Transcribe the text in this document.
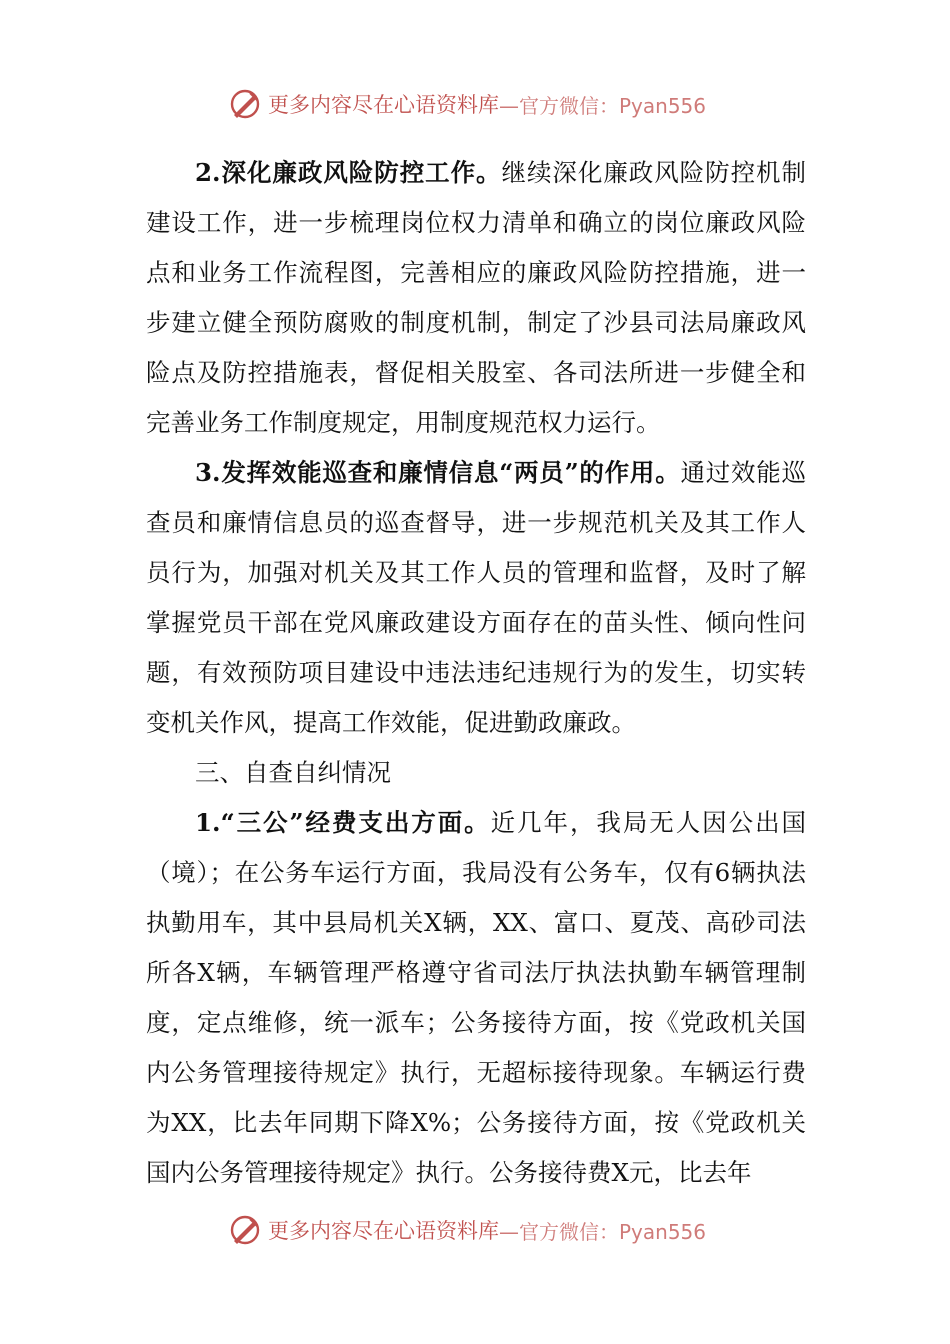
更多内容尽在心语资料库 —官方微信：Pyan556

2.深化廉政风险防控工作。继续深化廉政风险防控机制建设工作，进一步梳理岗位权力清单和确立的岗位廉政风险点和业务工作流程图，完善相应的廉政风险防控措施，进一步建立健全预防腐败的制度机制，制定了沙县司法局廉政风险点及防控措施表，督促相关股室、各司法所进一步健全和完善业务工作制度规定，用制度规范权力运行。

3.发挥效能巡查和廉情信息“两员”的作用。通过效能巡查员和廉情信息员的巡查督导，进一步规范机关及其工作人员行为，加强对机关及其工作人员的管理和监督，及时了解掌握党员干部在党风廉政建设方面存在的苗头性、倾向性问题，有效预防项目建设中违法违纪违规行为的发生，切实转变机关作风，提高工作效能，促进勤政廉政。

三、自查自纠情况

1.“三公”经费支出方面。近几年，我局无人因公出国（境）；在公务车运行方面，我局没有公务车，仅有6辆执法执勤用车，其中县局机关X辆，XX、富口、夏茂、高砂司法所各X辆，车辆管理严格遵守省司法厅执法执勤车辆管理制度，定点维修，统一派车；公务接待方面，按《党政机关国内公务管理接待规定》执行，无超标接待现象。车辆运行费为XX，比去年同期下降X%；公务接待方面，按《党政机关国内公务管理接待规定》执行。公务接待费X元，比去年

更多内容尽在心语资料库 —官方微信：Pyan556
